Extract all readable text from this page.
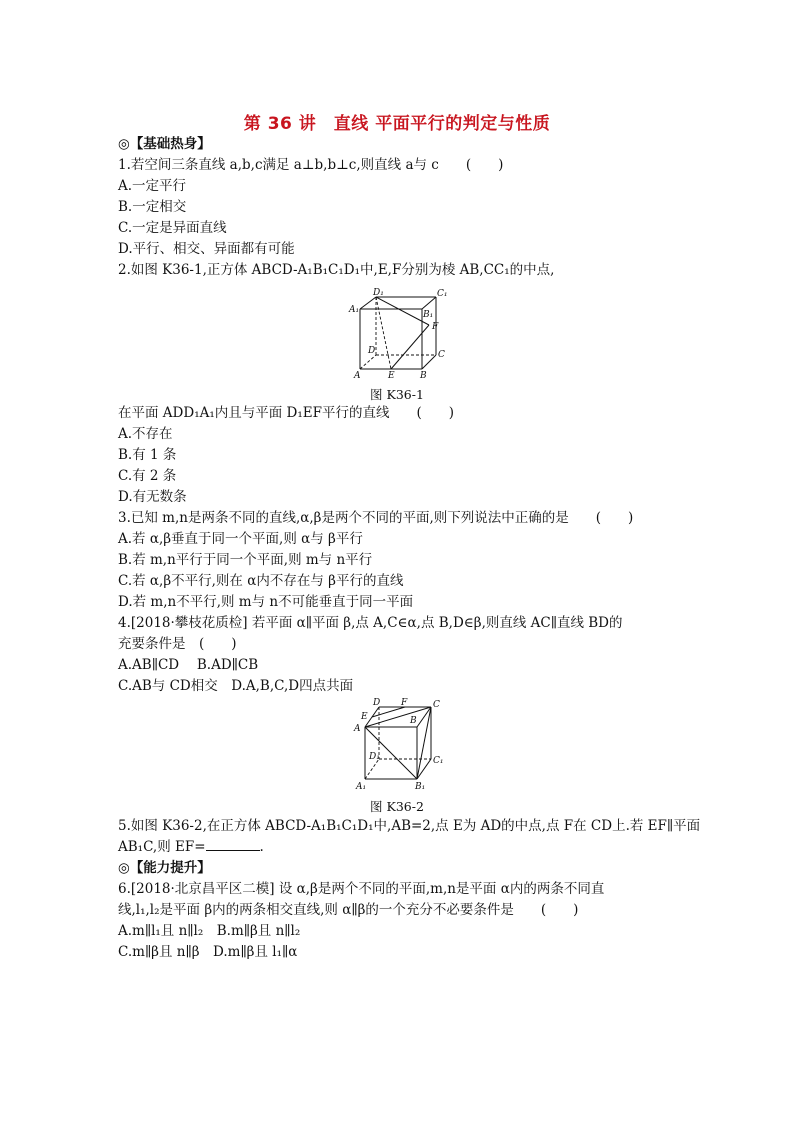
第 36 讲　直线 平面平行的判定与性质
◎【基础热身】
1.若空间三条直线 a,b,c满足 a⊥b,b⊥c,则直线 a与 c　　(　　)
A.一定平行
B.一定相交
C.一定是异面直线
D.平行、相交、异面都有可能
2.如图 K36-1,正方体 ABCD-A₁B₁C₁D₁中,E,F分别为棱 AB,CC₁的中点,
D₁	C₁
A₁	B₁
F
D	C
A	E	B
图 K36-1
在平面 ADD₁A₁内且与平面 D₁EF平行的直线　　(　　)
A.不存在
B.有 1 条
C.有 2 条
D.有无数条
3.已知 m,n是两条不同的直线,α,β是两个不同的平面,则下列说法中正确的是　　(　　)
A.若 α,β垂直于同一个平面,则 α与 β平行
B.若 m,n平行于同一个平面,则 m与 n平行
C.若 α,β不平行,则在 α内不存在与 β平行的直线
D.若 m,n不平行,则 m与 n不可能垂直于同一平面
4.[2018·攀枝花质检] 若平面 α∥平面 β,点 A,C∈α,点 B,D∈β,则直线 AC∥直线 BD的
充要条件是　(　　)
A.AB∥CD　 B.AD∥CB
C.AB与 CD相交　D.A,B,C,D四点共面
D F	C
E
A
B
D₁	C₁
A₁	B₁
图 K36-2
5.如图 K36-2,在正方体 ABCD-A₁B₁C₁D₁中,AB=2,点 E为 AD的中点,点 F在 CD上.若 EF∥平面
AB₁C,则 EF=	.
◎【能力提升】
6.[2018·北京昌平区二模] 设 α,β是两个不同的平面,m,n是平面 α内的两条不同直
线,l₁,l₂是平面 β内的两条相交直线,则 α∥β的一个充分不必要条件是　　(　　)
A.m∥l₁且 n∥l₂　B.m∥β且 n∥l₂
C.m∥β且 n∥β　D.m∥β且 l₁∥α
